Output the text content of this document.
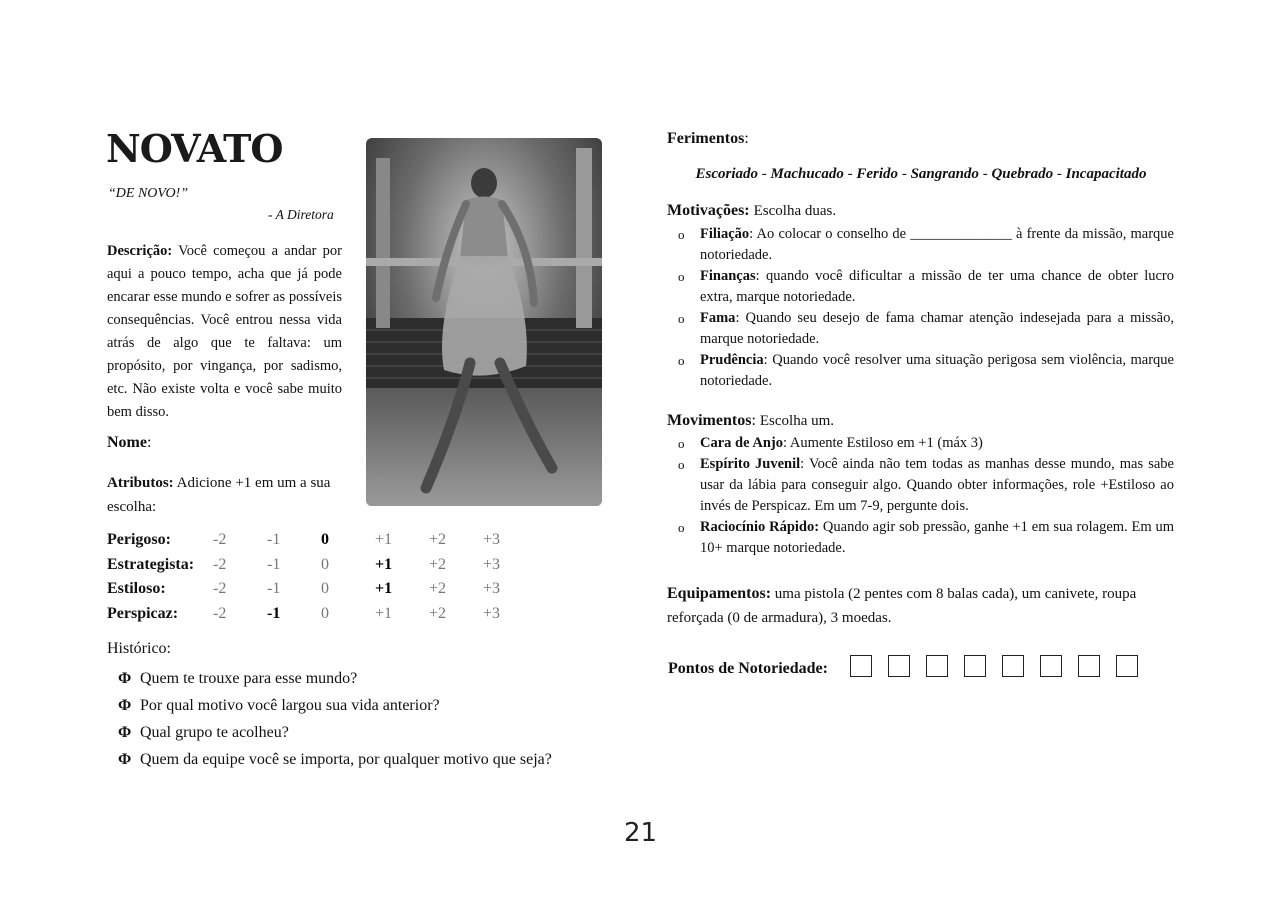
NOVATO
“DE NOVO!”
- A Diretora
Descrição: Você começou a andar por aqui a pouco tempo, acha que já pode encarar esse mundo e sofrer as possíveis consequências. Você entrou nessa vida atrás de algo que te faltava: um propósito, por vingança, por sadismo, etc. Não existe volta e você sabe muito bem disso.
Nome:
Atributos: Adicione +1 em um a sua escolha:
Perigoso:	-2	-1	0	+1	+2	+3
Estrategista:	-2	-1	0	+1	+2	+3
Estiloso:	-2	-1	0	+1	+2	+3
Perspicaz:	-2	-1	0	+1	+2	+3
Histórico:
Φ Quem te trouxe para esse mundo?
Φ Por qual motivo você largou sua vida anterior?
Φ Qual grupo te acolheu?
Φ Quem da equipe você se importa, por qualquer motivo que seja?
Ferimentos:
Escoriado - Machucado - Ferido - Sangrando - Quebrado - Incapacitado
Motivações: Escolha duas.
o	Filiação: Ao colocar o conselho de ______________ à frente da missão, marque notoriedade.
o	Finanças: quando você dificultar a missão de ter uma chance de obter lucro extra, marque notoriedade.
o	Fama: Quando seu desejo de fama chamar atenção indesejada para a missão, marque notoriedade.
o	Prudência: Quando você resolver uma situação perigosa sem violência, marque notoriedade.
Movimentos: Escolha um.
o	Cara de Anjo: Aumente Estiloso em +1 (máx 3)
o	Espírito Juvenil: Você ainda não tem todas as manhas desse mundo, mas sabe usar da lábia para conseguir algo. Quando obter informações, role +Estiloso ao invés de Perspicaz. Em um 7-9, pergunte dois.
o	Raciocínio Rápido: Quando agir sob pressão, ganhe +1 em sua rolagem. Em um 10+ marque notoriedade.
Equipamentos: uma pistola (2 pentes com 8 balas cada), um canivete, roupa reforçada (0 de armadura), 3 moedas.
Pontos de Notoriedade:
21
